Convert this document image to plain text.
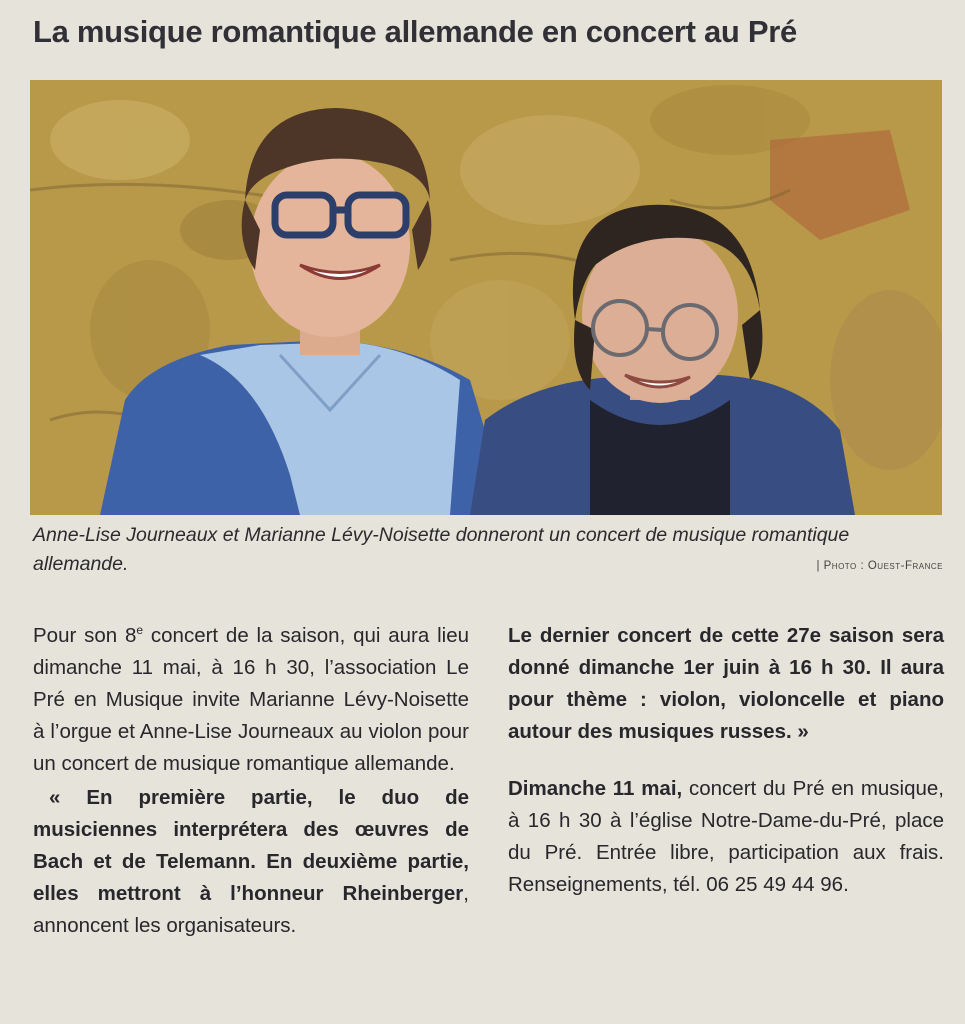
La musique romantique allemande en concert au Pré
Anne-Lise Journeaux et Marianne Lévy-Noisette donneront un concert de musique romantique allemande.	| Photo : Ouest-France

Pour son 8e concert de la saison, qui aura lieu dimanche 11 mai, à 16 h 30, l’association Le Pré en Musique invite Marianne Lévy-Noisette à l’orgue et Anne-Lise Journeaux au violon pour un concert de musique romantique allemande.

« En première partie, le duo de musiciennes interprétera des œuvres de Bach et de Telemann. En deuxième partie, elles mettront à l’honneur Rheinberger, annoncent les organisateurs.

Le dernier concert de cette 27e saison sera donné dimanche 1er juin à 16 h 30. Il aura pour thème : violon, violoncelle et piano autour des musiques russes. »

Dimanche 11 mai, concert du Pré en musique, à 16 h 30 à l’église Notre-Dame-du-Pré, place du Pré. Entrée libre, participation aux frais. Renseignements, tél. 06 25 49 44 96.
